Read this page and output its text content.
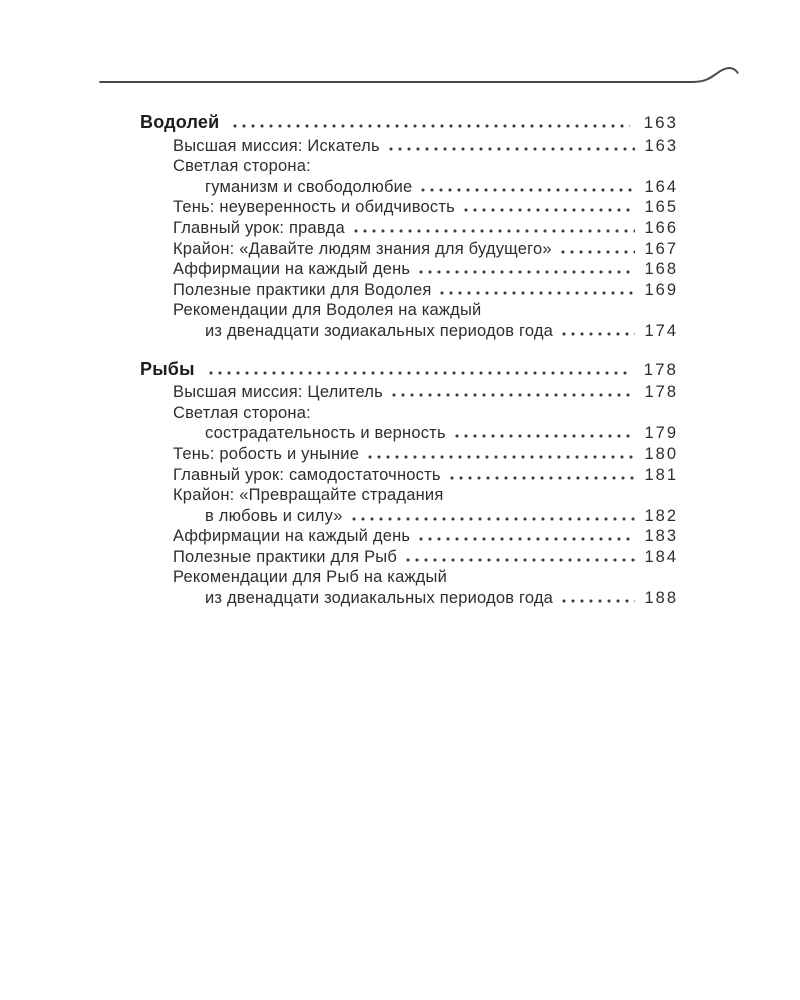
Водолей	163
Высшая миссия: Искатель	163
Светлая сторона:
гуманизм и свободолюбие	164
Тень: неуверенность и обидчивость	165
Главный урок: правда	166
Крайон: «Давайте людям знания для будущего»	167
Аффирмации на каждый день	168
Полезные практики для Водолея	169
Рекомендации для Водолея на каждый
из двенадцати зодиакальных периодов года	174
Рыбы	178
Высшая миссия: Целитель	178
Светлая сторона:
сострадательность и верность	179
Тень: робость и уныние	180
Главный урок: самодостаточность	181
Крайон: «Превращайте страдания
в любовь и силу»	182
Аффирмации на каждый день	183
Полезные практики для Рыб	184
Рекомендации для Рыб на каждый
из двенадцати зодиакальных периодов года	188
